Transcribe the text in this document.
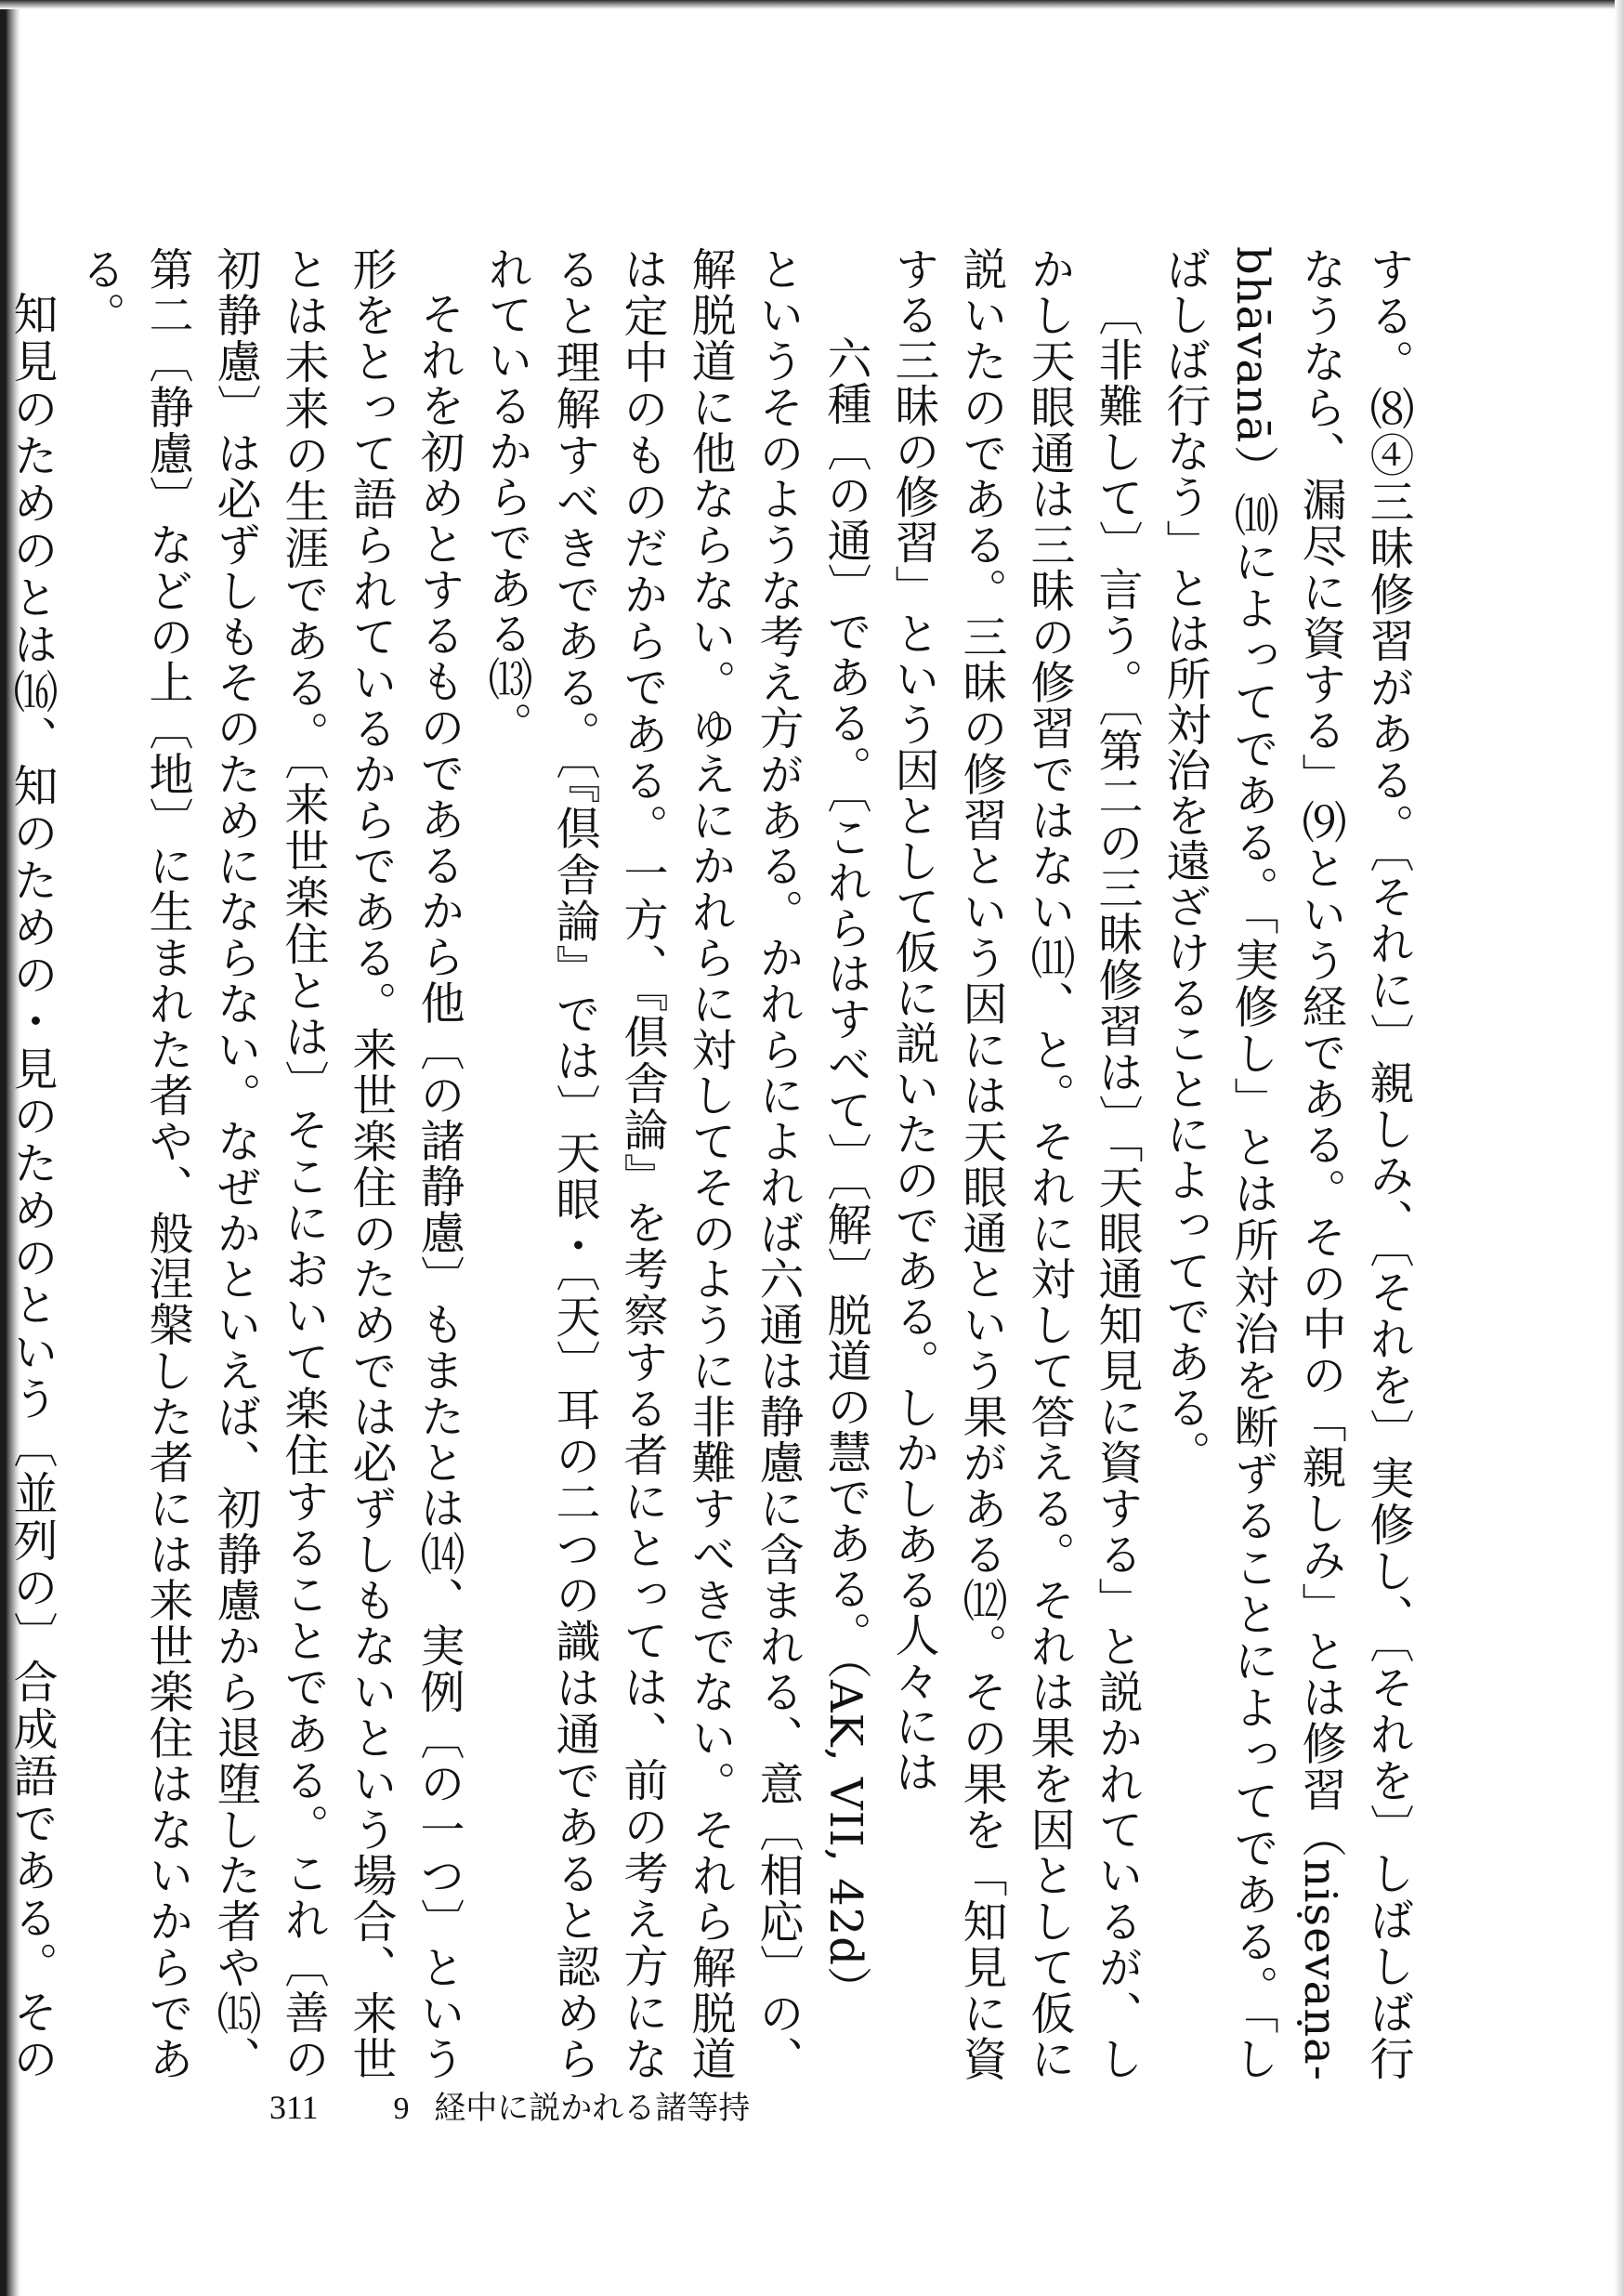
する。⑻④三昧修習がある。〔それに〕親しみ、〔それを〕実修し、〔それを〕しばしば行なうなら、漏尽に資する」⑼という経である。その中の「親しみ」とは修習（niṣevaṇa-bhāvanā）⑽によってである。「実修し」とは所対治を断ずることによってである。「しばしば行なう」とは所対治を遠ざけることによってである。

〔非難して〕言う。〔第二の三昧修習は〕「天眼通知見に資する」と説かれているが、しかし天眼通は三昧の修習ではない⑾、と。それに対して答える。それは果を因として仮に説いたのである。三昧の修習という因には天眼通という果がある⑿。その果を「知見に資する三昧の修習」という因として仮に説いたのである。しかしある人々には

六種〔の通〕である。〔これらはすべて〕〔解〕脱道の慧である。（AK, VII, 42d）

というそのような考え方がある。かれらによれば六通は静慮に含まれる、意〔相応〕の、解脱道に他ならない。ゆえにかれらに対してそのように非難すべきでない。それら解脱道は定中のものだからである。一方、『倶舎論』を考察する者にとっては、前の考え方になると理解すべきである。〔『倶舎論』では〕天眼・〔天〕耳の二つの識は通であると認められているからである⒀。

それを初めとするものであるから他〔の諸静慮〕もまたとは⒁、実例〔の一つ〕という形をとって語られているからである。来世楽住のためでは必ずしもないという場合、来世とは未来の生涯である。〔来世楽住とは〕そこにおいて楽住することである。これ〔善の初静慮〕は必ずしもそのためにならない。なぜかといえば、初静慮から退堕した者や⒂、第二〔静慮〕などの上〔地〕に生まれた者や、般涅槃した者には来世楽住はないからである。

知見のためのとは⒃、知のための・見のためのという〔並列の〕合成語である。その

311 9 経中に説かれる諸等持
